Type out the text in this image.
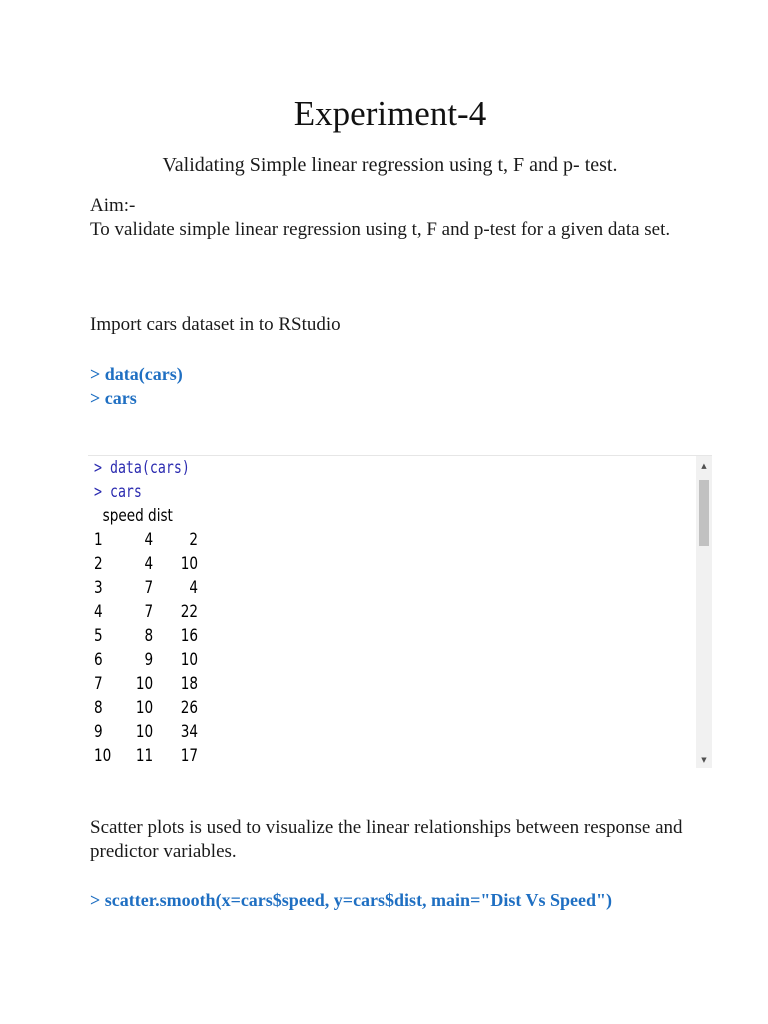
Experiment-4
Validating Simple linear regression using t, F and p- test.
Aim:-
To validate simple linear regression using t, F and p-test for a given data set.
Import cars dataset in to RStudio
> data(cars)
> cars
> data(cars)
> cars
speed dist
1 4 2
2 4 10
3 7 4
4 7 22
5 8 16
6 9 10
7 10 18
8 10 26
9 10 34
10 11 17
▲
▼
Scatter plots is used to visualize the linear relationships between response and predictor variables.
> scatter.smooth(x=cars$speed, y=cars$dist, main="Dist Vs Speed")
